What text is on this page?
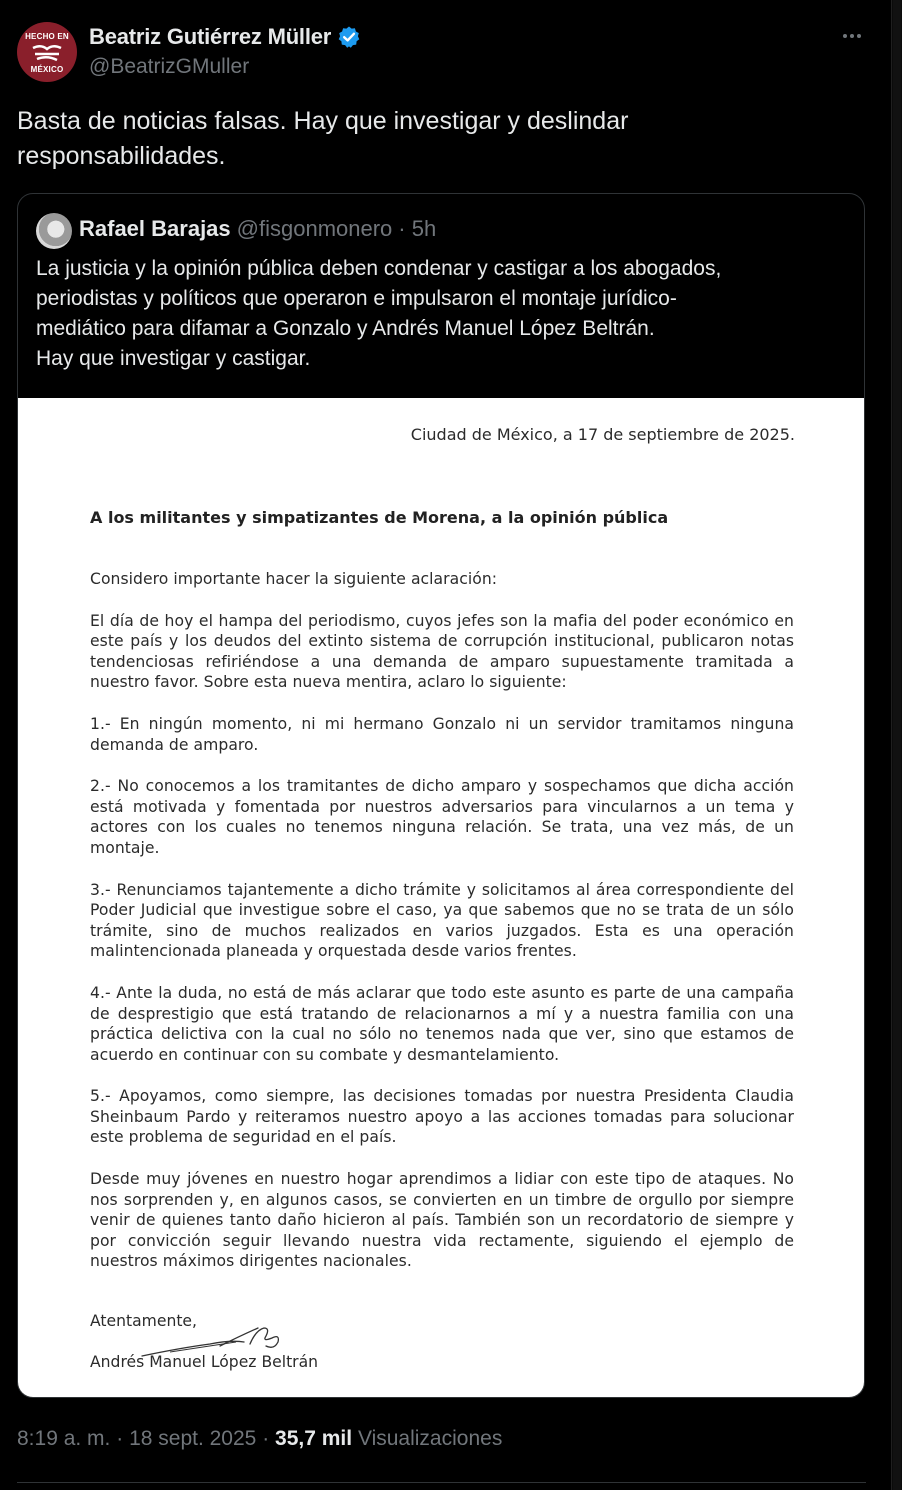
HECHO EN
MÉXICO
Beatriz Gutiérrez Müller
@BeatrizGMuller
Basta de noticias falsas. Hay que investigar y deslindar responsabilidades.
Rafael Barajas @fisgonmonero · 5h
La justicia y la opinión pública deben condenar y castigar a los abogados,
periodistas y políticos que operaron e impulsaron el montaje jurídico-
mediático para difamar a Gonzalo y Andrés Manuel López Beltrán.
Hay que investigar y castigar.
Ciudad de México, a 17 de septiembre de 2025.
A los militantes y simpatizantes de Morena, a la opinión pública

Considero importante hacer la siguiente aclaración:

El día de hoy el hampa del periodismo, cuyos jefes son la mafia del poder económico en este país y los deudos del extinto sistema de corrupción institucional, publicaron notas tendenciosas refiriéndose a una demanda de amparo supuestamente tramitada a nuestro favor. Sobre esta nueva mentira, aclaro lo siguiente:

1.- En ningún momento, ni mi hermano Gonzalo ni un servidor tramitamos ninguna demanda de amparo.

2.- No conocemos a los tramitantes de dicho amparo y sospechamos que dicha acción está motivada y fomentada por nuestros adversarios para vincularnos a un tema y actores con los cuales no tenemos ninguna relación. Se trata, una vez más, de un montaje.

3.- Renunciamos tajantemente a dicho trámite y solicitamos al área correspondiente del Poder Judicial que investigue sobre el caso, ya que sabemos que no se trata de un sólo trámite, sino de muchos realizados en varios juzgados. Esta es una operación malintencionada planeada y orquestada desde varios frentes.

4.- Ante la duda, no está de más aclarar que todo este asunto es parte de una campaña de desprestigio que está tratando de relacionarnos a mí y a nuestra familia con una práctica delictiva con la cual no sólo no tenemos nada que ver, sino que estamos de acuerdo en continuar con su combate y desmantelamiento.

5.- Apoyamos, como siempre, las decisiones tomadas por nuestra Presidenta Claudia Sheinbaum Pardo y reiteramos nuestro apoyo a las acciones tomadas para solucionar este problema de seguridad en el país.

Desde muy jóvenes en nuestro hogar aprendimos a lidiar con este tipo de ataques. No nos sorprenden y, en algunos casos, se convierten en un timbre de orgullo por siempre venir de quienes tanto daño hicieron al país. También son un recordatorio de siempre y por convicción seguir llevando nuestra vida rectamente, siguiendo el ejemplo de nuestros máximos dirigentes nacionales.

Atentamente,
Andrés Manuel López Beltrán
8:19 a. m. · 18 sept. 2025 · 35,7 mil Visualizaciones
